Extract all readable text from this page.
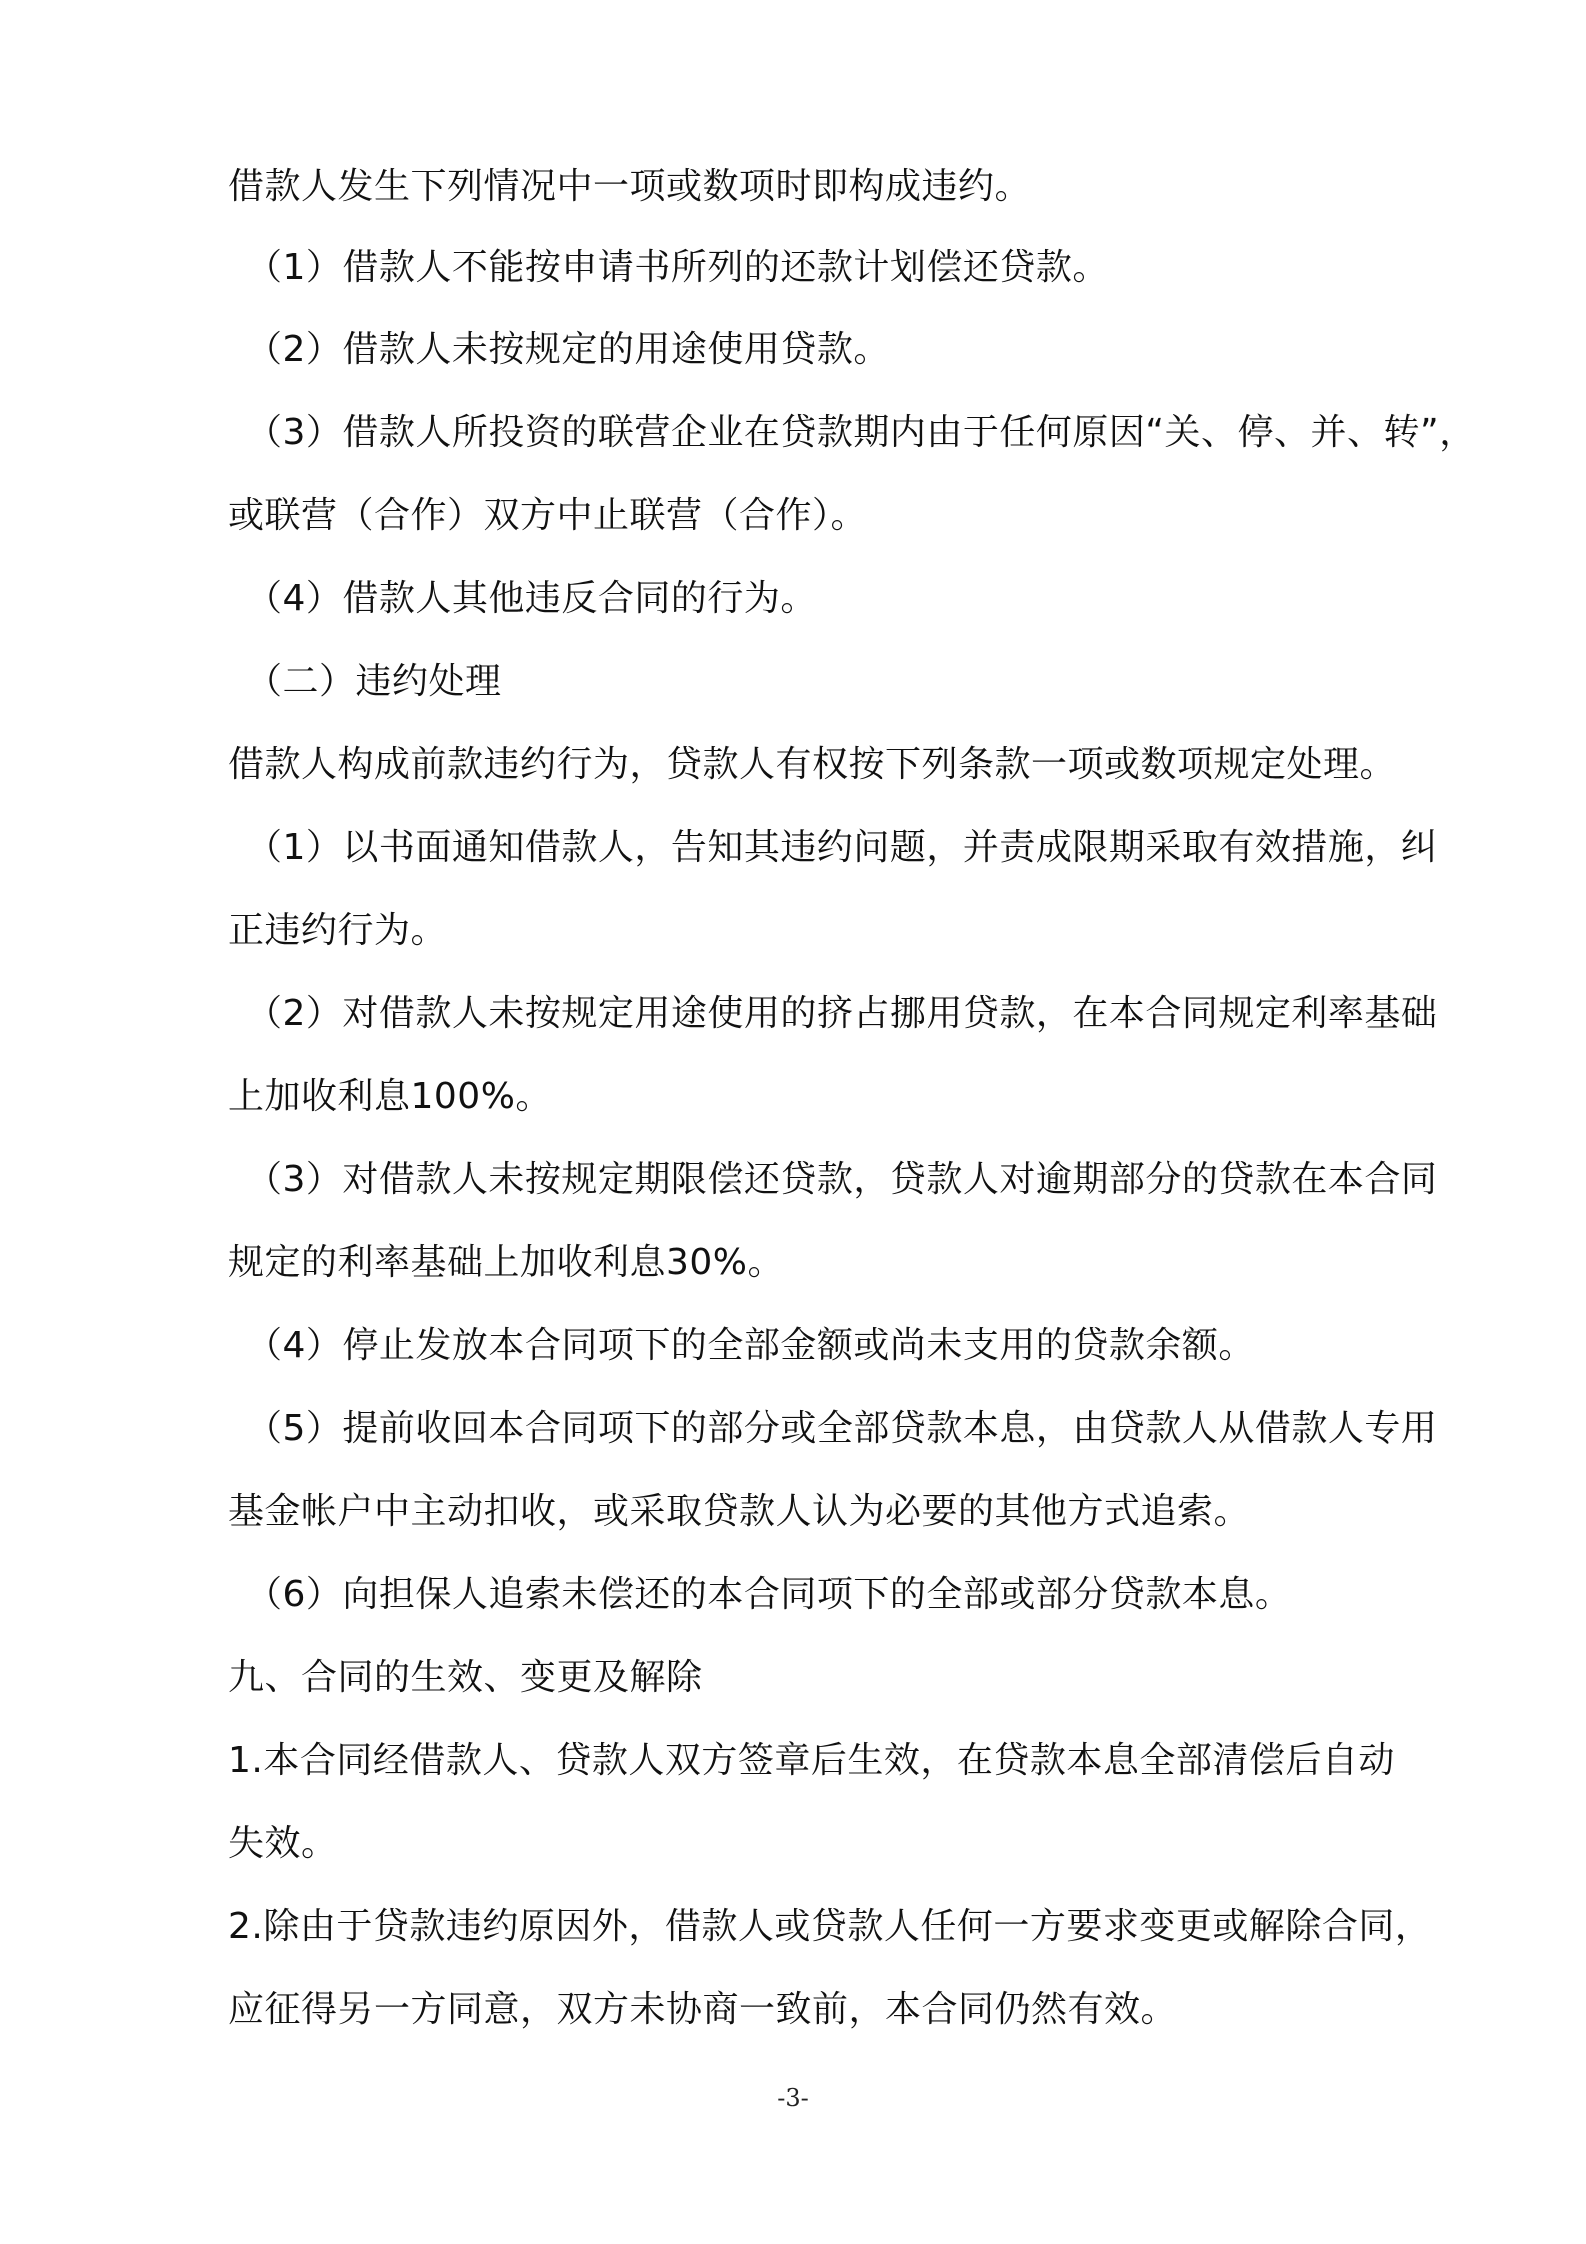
借款人发生下列情况中一项或数项时即构成违约。
（1）借款人不能按申请书所列的还款计划偿还贷款。
（2）借款人未按规定的用途使用贷款。
（3）借款人所投资的联营企业在贷款期内由于任何原因“关、停、并、转”，
或联营（合作）双方中止联营（合作）。
（4）借款人其他违反合同的行为。
（二）违约处理
借款人构成前款违约行为，贷款人有权按下列条款一项或数项规定处理。
（1）以书面通知借款人，告知其违约问题，并责成限期采取有效措施，纠
正违约行为。
（2）对借款人未按规定用途使用的挤占挪用贷款，在本合同规定利率基础
上加收利息100%。
（3）对借款人未按规定期限偿还贷款，贷款人对逾期部分的贷款在本合同
规定的利率基础上加收利息30%。
（4）停止发放本合同项下的全部金额或尚未支用的贷款余额。
（5）提前收回本合同项下的部分或全部贷款本息，由贷款人从借款人专用
基金帐户中主动扣收，或采取贷款人认为必要的其他方式追索。
（6）向担保人追索未偿还的本合同项下的全部或部分贷款本息。
九、合同的生效、变更及解除
1.本合同经借款人、贷款人双方签章后生效，在贷款本息全部清偿后自动
失效。
2.除由于贷款违约原因外，借款人或贷款人任何一方要求变更或解除合同，
应征得另一方同意，双方未协商一致前，本合同仍然有效。
-3-
